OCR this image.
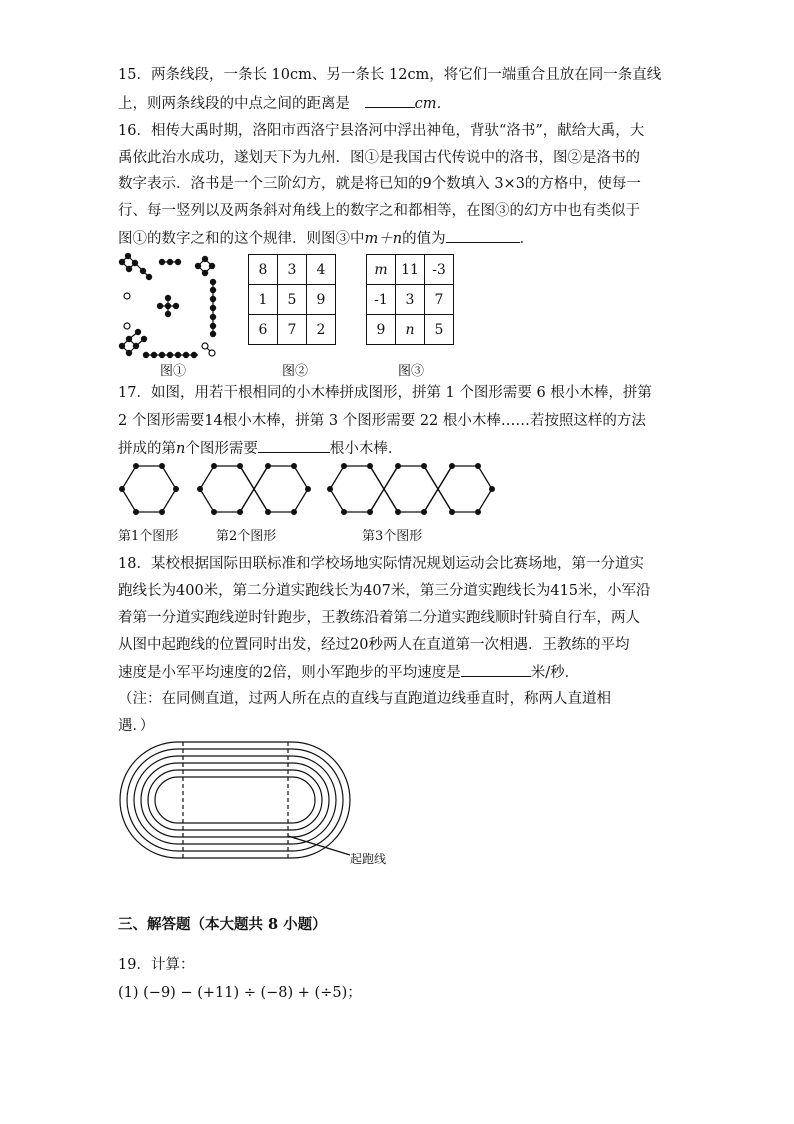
15．两条线段，一条长 10cm、另一条长 12cm，将它们一端重合且放在同一条直线
上，则两条线段的中点之间的距离是	cm．
16．相传大禹时期，洛阳市西洛宁县洛河中浮出神龟，背驮“洛书”，献给大禹，大
禹依此治水成功，遂划天下为九州．图①是我国古代传说中的洛书，图②是洛书的
数字表示．洛书是一个三阶幻方，就是将已知的9个数填入 3×3的方格中，使每一
行、每一竖列以及两条斜对角线上的数字之和都相等，在图③的幻方中也有类似于
图①的数字之和的这个规律．则图③中m＋n的值为	．
8	3	4
1	5	9
6	7	2
m	11	-3
-1	3	7
9	n	5
图①	图②	图③
17．如图，用若干根相同的小木棒拼成图形，拼第 1 个图形需要 6 根小木棒，拼第
2 个图形需要14根小木棒，拼第 3 个图形需要 22 根小木棒……若按照这样的方法
拼成的第n个图形需要	根小木棒．
第1个图形	第2个图形	第3个图形
18．某校根据国际田联标准和学校场地实际情况规划运动会比赛场地，第一分道实
跑线长为400米，第二分道实跑线长为407米，第三分道实跑线长为415米，小军沿
着第一分道实跑线逆时针跑步，王教练沿着第二分道实跑线顺时针骑自行车，两人
从图中起跑线的位置同时出发，经过20秒两人在直道第一次相遇．王教练的平均
速度是小军平均速度的2倍，则小军跑步的平均速度是	米/秒．
（注：在同侧直道，过两人所在点的直线与直跑道边线垂直时，称两人直道相
遇．）
起跑线
三、解答题（本大题共 8 小题）
19．计算：
(1) (−9) − (+11) ÷ (−8) + (÷5)；
